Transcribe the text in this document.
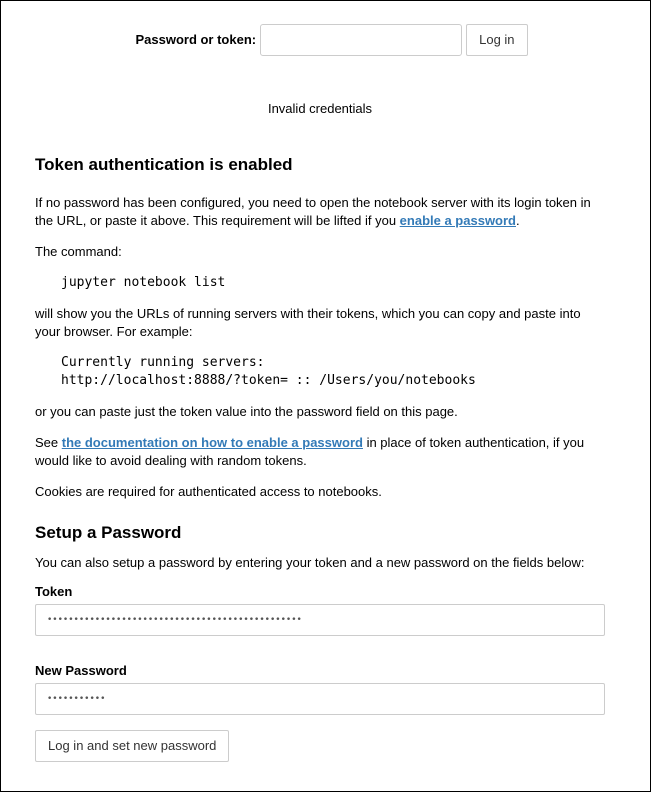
Password or token:	Log in
Invalid credentials
Token authentication is enabled

If no password has been configured, you need to open the notebook server with its login token in the URL, or paste it above. This requirement will be lifted if you enable a password.

The command:

jupyter notebook list

will show you the URLs of running servers with their tokens, which you can copy and paste into your browser. For example:

Currently running servers:
http://localhost:8888/?token= :: /Users/you/notebooks

or you can paste just the token value into the password field on this page.

See the documentation on how to enable a password in place of token authentication, if you would like to avoid dealing with random tokens.

Cookies are required for authenticated access to notebooks.

Setup a Password

You can also setup a password by entering your token and a new password on the fields below:

Token
••••••••••••••••••••••••••••••••••••••••••••••••
New Password
•••••••••••
Log in and set new password
